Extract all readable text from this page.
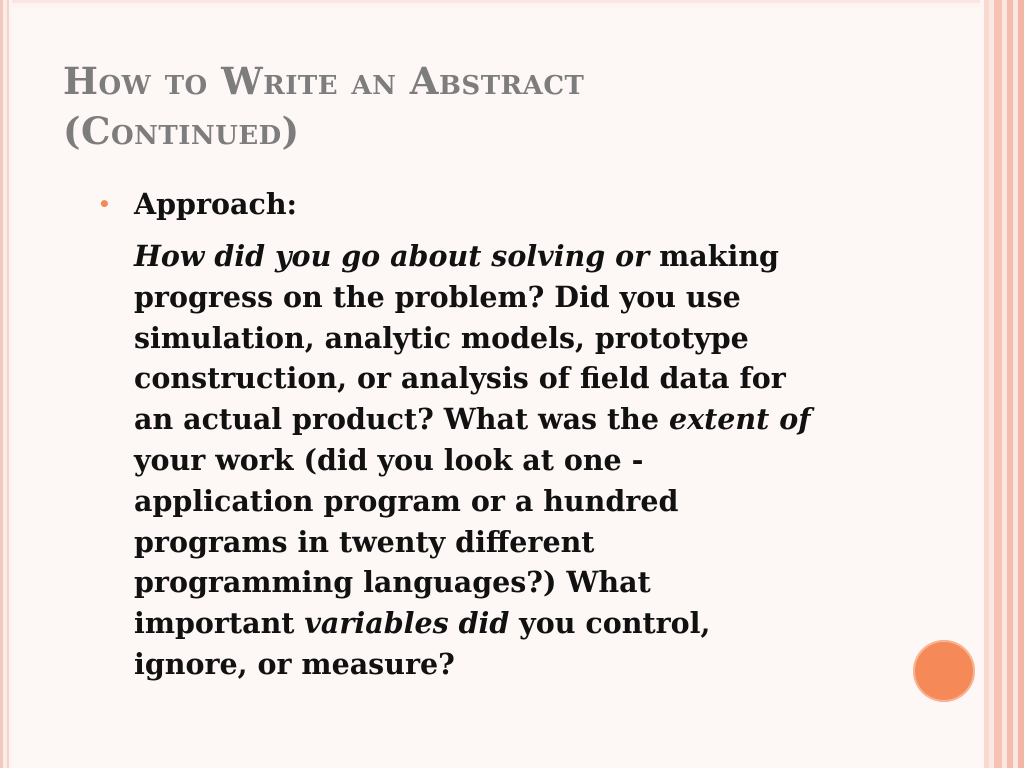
How to Write an Abstract
(Continued)
• Approach:
How did you go about solving or making
progress on the problem? Did you use
simulation, analytic models, prototype
construction, or analysis of field data for
an actual product? What was the extent of
your work (did you look at one -
application program or a hundred
programs in twenty different
programming languages?) What
important variables did you control,
ignore, or measure?
